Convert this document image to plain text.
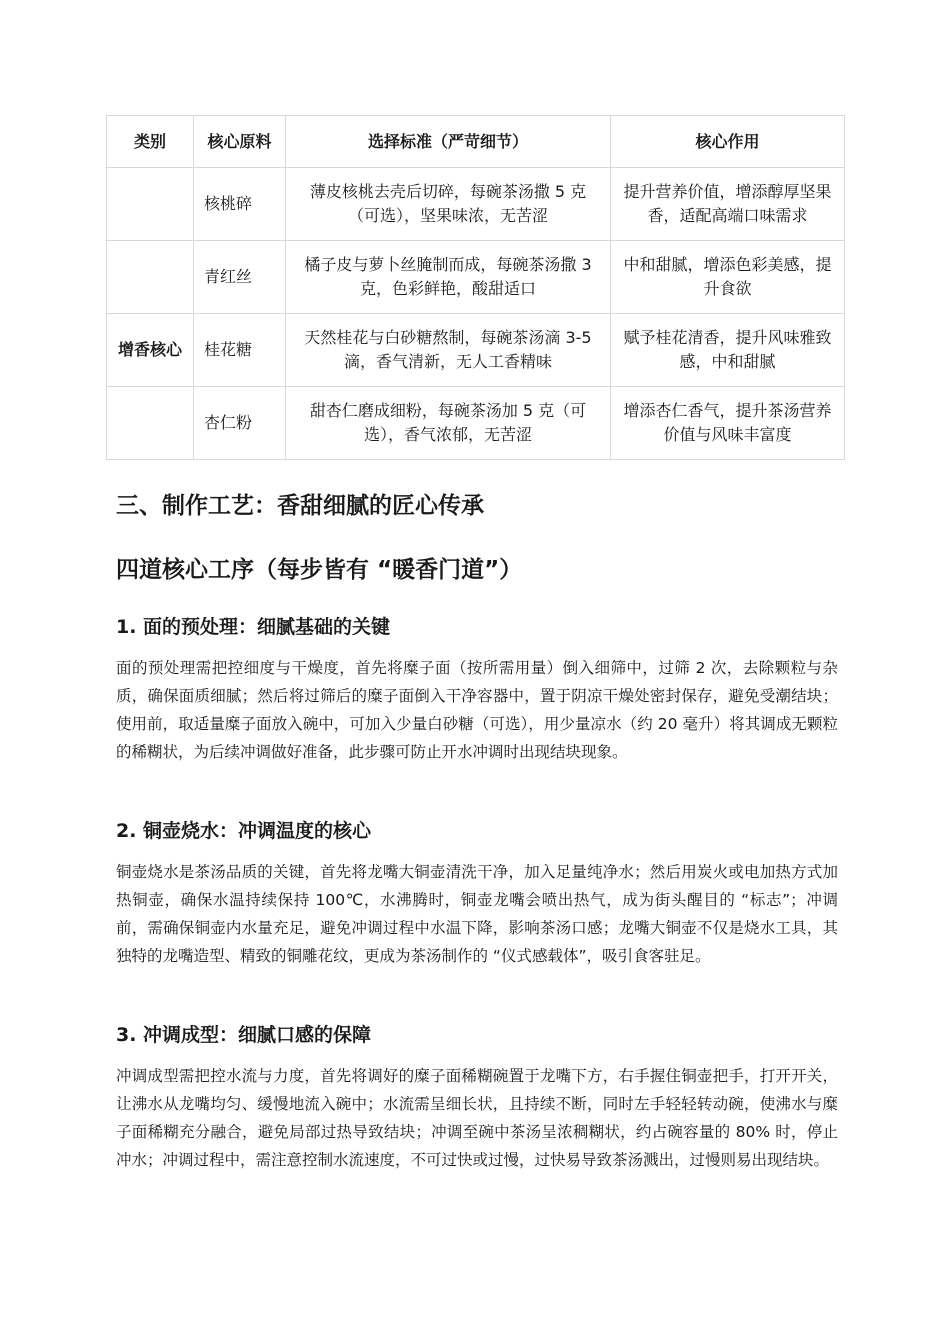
类别	核心原料	选择标准（严苛细节）	核心作用
	核桃碎	薄皮核桃去壳后切碎，每碗茶汤撒 5 克（可选），坚果味浓，无苦涩	提升营养价值，增添醇厚坚果香，适配高端口味需求
	青红丝	橘子皮与萝卜丝腌制而成，每碗茶汤撒 3 克，色彩鲜艳，酸甜适口	中和甜腻，增添色彩美感，提升食欲
增香核心	桂花糖	天然桂花与白砂糖熬制，每碗茶汤滴 3-5 滴，香气清新，无人工香精味	赋予桂花清香，提升风味雅致感，中和甜腻
	杏仁粉	甜杏仁磨成细粉，每碗茶汤加 5 克（可选），香气浓郁，无苦涩	增添杏仁香气，提升茶汤营养价值与风味丰富度
三、制作工艺：香甜细腻的匠心传承
四道核心工序（每步皆有 “暖香门道”）
1. 面的预处理：细腻基础的关键

面的预处理需把控细度与干燥度，首先将糜子面（按所需用量）倒入细筛中，过筛 2 次，去除颗粒与杂质，确保面质细腻；然后将过筛后的糜子面倒入干净容器中，置于阴凉干燥处密封保存，避免受潮结块；使用前，取适量糜子面放入碗中，可加入少量白砂糖（可选），用少量凉水（约 20 毫升）将其调成无颗粒的稀糊状，为后续冲调做好准备，此步骤可防止开水冲调时出现结块现象。

2. 铜壶烧水：冲调温度的核心

铜壶烧水是茶汤品质的关键，首先将龙嘴大铜壶清洗干净，加入足量纯净水；然后用炭火或电加热方式加热铜壶，确保水温持续保持 100℃，水沸腾时，铜壶龙嘴会喷出热气，成为街头醒目的 “标志”；冲调前，需确保铜壶内水量充足，避免冲调过程中水温下降，影响茶汤口感；龙嘴大铜壶不仅是烧水工具，其独特的龙嘴造型、精致的铜雕花纹，更成为茶汤制作的 “仪式感载体”，吸引食客驻足。

3. 冲调成型：细腻口感的保障

冲调成型需把控水流与力度，首先将调好的糜子面稀糊碗置于龙嘴下方，右手握住铜壶把手，打开开关，让沸水从龙嘴均匀、缓慢地流入碗中；水流需呈细长状，且持续不断，同时左手轻轻转动碗，使沸水与糜子面稀糊充分融合，避免局部过热导致结块；冲调至碗中茶汤呈浓稠糊状，约占碗容量的 80% 时，停止冲水；冲调过程中，需注意控制水流速度，不可过快或过慢，过快易导致茶汤溅出，过慢则易出现结块。
